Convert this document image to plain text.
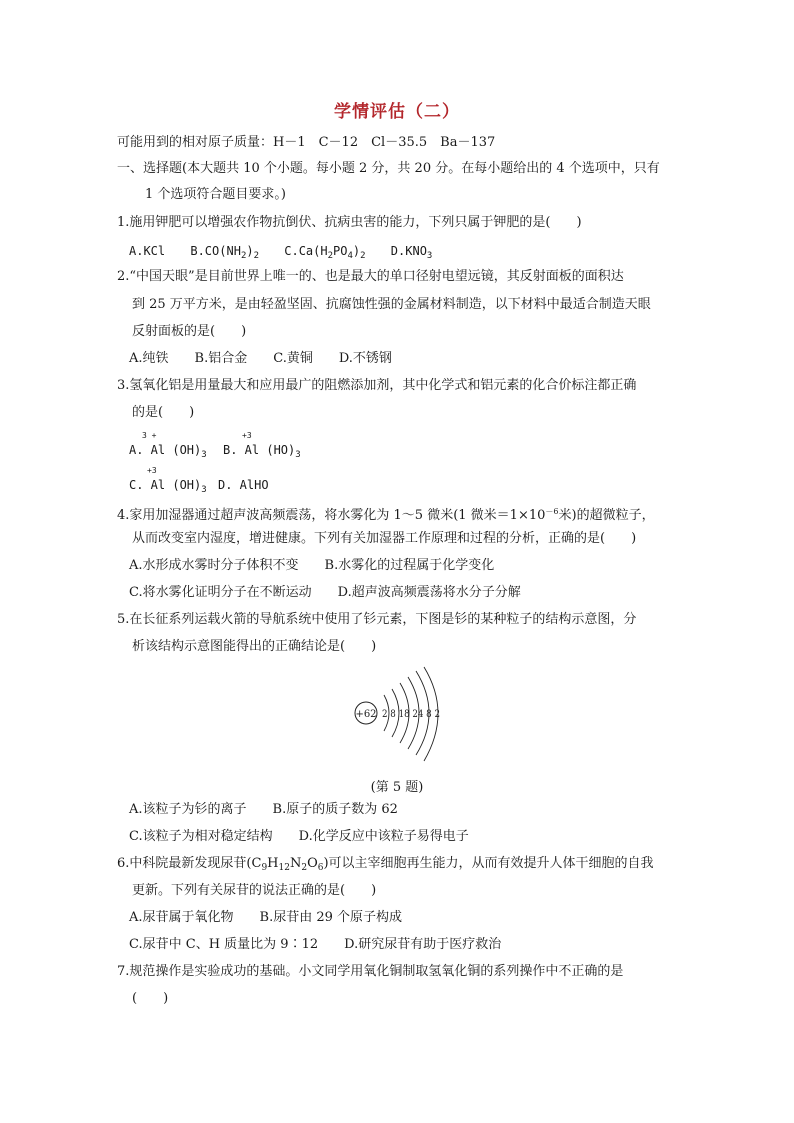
学情评估（二）
可能用到的相对原子质量：H－1　C－12　Cl－35.5　Ba－137
一、选择题(本大题共 10 个小题。每小题 2 分，共 20 分。在每小题给出的 4 个选项中，只有
1 个选项符合题目要求。)
1.施用钾肥可以增强农作物抗倒伏、抗病虫害的能力，下列只属于钾肥的是(　　)
A.KCl $B.CO(NH_2)_2$ $C.Ca(H_2PO_4)_2$ $D.KNO_3$
2.“中国天眼”是目前世界上唯一的、也是最大的单口径射电望远镜，其反射面板的面积达
到 25 万平方米，是由轻盈坚固、抗腐蚀性强的金属材料制造，以下材料中最适合制造天眼
反射面板的是(　　)
A.纯铁　　B.铝合金　　C.黄铜　　D.不锈钢
3.氢氧化铝是用量最大和应用最广的阻燃添加剂，其中化学式和铝元素的化合价标注都正确
的是(　　)
3 +
A. Al $(OH)_3$
+3
B. Al $(HO)_3$
+3
C. Al $(OH)_3$ D. AlHO
4.家用加湿器通过超声波高频震荡，将水雾化为 1～5 微米(1 微米$=1\times 10^{-6}$米)的超微粒子，
从而改变室内湿度，增进健康。下列有关加湿器工作原理和过程的分析，正确的是(　　)
A.水形成水雾时分子体积不变　　B.水雾化的过程属于化学变化
C.将水雾化证明分子在不断运动　　D.超声波高频震荡将水分子分解
5.在长征系列运载火箭的导航系统中使用了钐元素，下图是钐的某种粒子的结构示意图，分
析该结构示意图能得出的正确结论是(　　)
+62 2 8 18 24 8 2
(第 5 题)
A.该粒子为钐的离子　　B.原子的质子数为 62
C.该粒子为相对稳定结构　　D.化学反应中该粒子易得电子
6.中科院最新发现尿苷$(C_9H_{12}N_2O_6)$可以主宰细胞再生能力，从而有效提升人体干细胞的自我
更新。下列有关尿苷的说法正确的是(　　)
A.尿苷属于氧化物　　B.尿苷由 29 个原子构成
C.尿苷中 C、H 质量比为 9∶12　　D.研究尿苷有助于医疗救治
7.规范操作是实验成功的基础。小文同学用氧化铜制取氢氧化铜的系列操作中不正确的是
(　　)
